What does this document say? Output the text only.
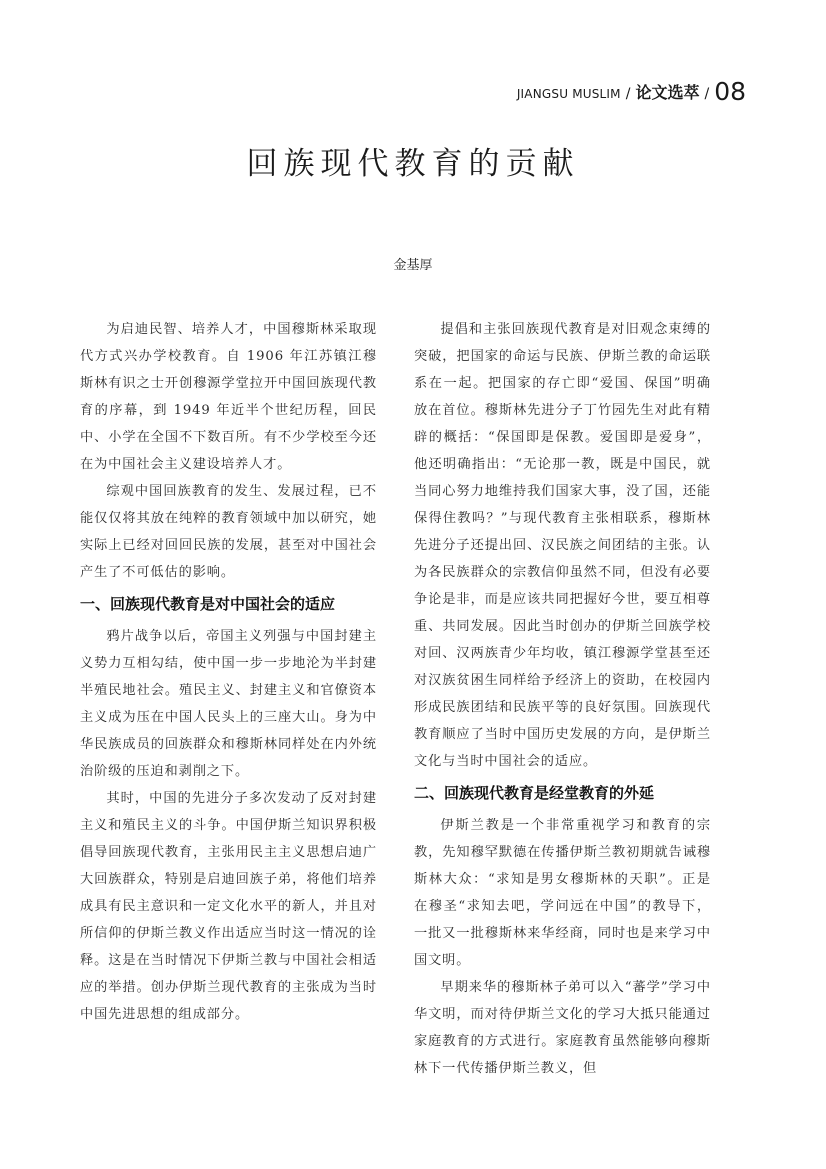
JIANGSU MUSLIM / 论文选萃 / 08
回族现代教育的贡献
金基厚

为启迪民智、培养人才，中国穆斯林采取现代方式兴办学校教育。自 1906 年江苏镇江穆斯林有识之士开创穆源学堂拉开中国回族现代教育的序幕，到 1949 年近半个世纪历程，回民中、小学在全国不下数百所。有不少学校至今还在为中国社会主义建设培养人才。

综观中国回族教育的发生、发展过程，已不能仅仅将其放在纯粹的教育领域中加以研究，她实际上已经对回回民族的发展，甚至对中国社会产生了不可低估的影响。

一、回族现代教育是对中国社会的适应

鸦片战争以后，帝国主义列强与中国封建主义势力互相勾结，使中国一步一步地沦为半封建半殖民地社会。殖民主义、封建主义和官僚资本主义成为压在中国人民头上的三座大山。身为中华民族成员的回族群众和穆斯林同样处在内外统治阶级的压迫和剥削之下。

其时，中国的先进分子多次发动了反对封建主义和殖民主义的斗争。中国伊斯兰知识界积极倡导回族现代教育，主张用民主主义思想启迪广大回族群众，特别是启迪回族子弟，将他们培养成具有民主意识和一定文化水平的新人，并且对所信仰的伊斯兰教义作出适应当时这一情况的诠释。这是在当时情况下伊斯兰教与中国社会相适应的举措。创办伊斯兰现代教育的主张成为当时中国先进思想的组成部分。

提倡和主张回族现代教育是对旧观念束缚的突破，把国家的命运与民族、伊斯兰教的命运联系在一起。把国家的存亡即“爱国、保国”明确放在首位。穆斯林先进分子丁竹园先生对此有精辟的概括：“保国即是保教。爱国即是爱身”，他还明确指出：“无论那一教，既是中国民，就当同心努力地维持我们国家大事，没了国，还能保得住教吗？”与现代教育主张相联系，穆斯林先进分子还提出回、汉民族之间团结的主张。认为各民族群众的宗教信仰虽然不同，但没有必要争论是非，而是应该共同把握好今世，要互相尊重、共同发展。因此当时创办的伊斯兰回族学校对回、汉两族青少年均收，镇江穆源学堂甚至还对汉族贫困生同样给予经济上的资助，在校园内形成民族团结和民族平等的良好氛围。回族现代教育顺应了当时中国历史发展的方向，是伊斯兰文化与当时中国社会的适应。

二、回族现代教育是经堂教育的外延

伊斯兰教是一个非常重视学习和教育的宗教，先知穆罕默德在传播伊斯兰教初期就告诫穆斯林大众：“求知是男女穆斯林的天职”。正是在穆圣“求知去吧，学问远在中国”的教导下，一批又一批穆斯林来华经商，同时也是来学习中国文明。

早期来华的穆斯林子弟可以入“蕃学”学习中华文明，而对待伊斯兰文化的学习大抵只能通过家庭教育的方式进行。家庭教育虽然能够向穆斯林下一代传播伊斯兰教义，但
